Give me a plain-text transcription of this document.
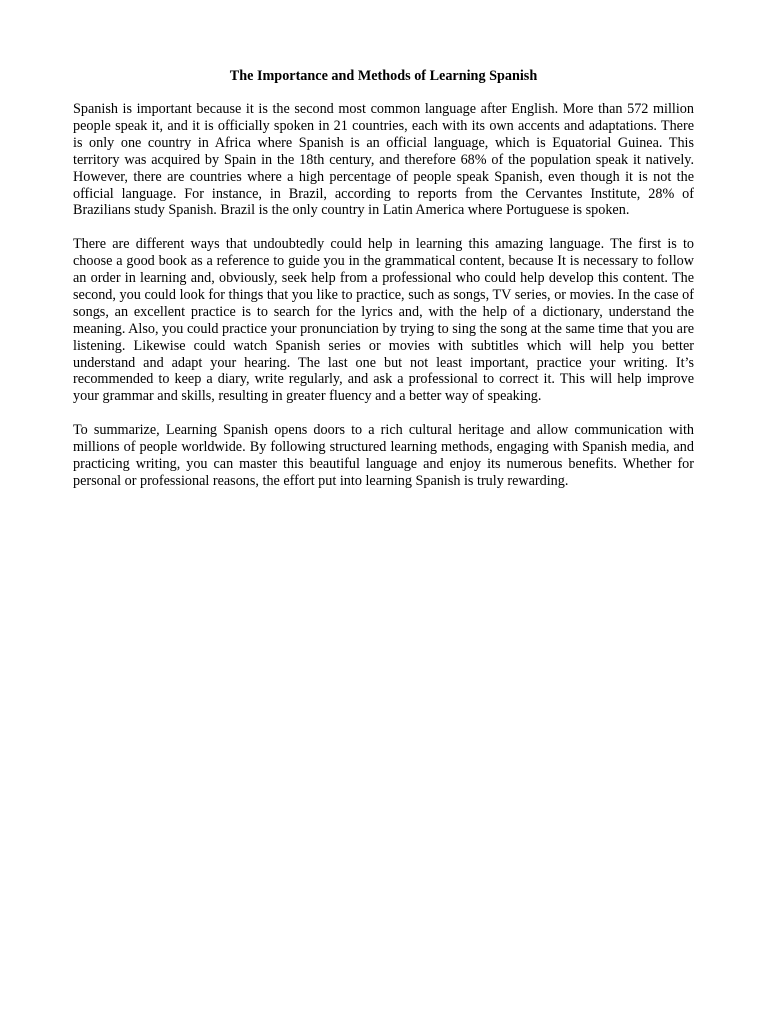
The Importance and Methods of Learning Spanish

Spanish is important because it is the second most common language after English. More than 572 million people speak it, and it is officially spoken in 21 countries, each with its own accents and adaptations. There is only one country in Africa where Spanish is an official language, which is Equatorial Guinea. This territory was acquired by Spain in the 18th century, and therefore 68% of the population speak it natively. However, there are countries where a high percentage of people speak Spanish, even though it is not the official language. For instance, in Brazil, according to reports from the Cervantes Institute, 28% of Brazilians study Spanish. Brazil is the only country in Latin America where Portuguese is spoken.

There are different ways that undoubtedly could help in learning this amazing language. The first is to choose a good book as a reference to guide you in the grammatical content, because It is necessary to follow an order in learning and, obviously, seek help from a professional who could help develop this content. The second, you could look for things that you like to practice, such as songs, TV series, or movies. In the case of songs, an excellent practice is to search for the lyrics and, with the help of a dictionary, understand the meaning. Also, you could practice your pronunciation by trying to sing the song at the same time that you are listening. Likewise could watch Spanish series or movies with subtitles which will help you better understand and adapt your hearing. The last one but not least important, practice your writing. It’s recommended to keep a diary, write regularly, and ask a professional to correct it. This will help improve your grammar and skills, resulting in greater fluency and a better way of speaking.

To summarize, Learning Spanish opens doors to a rich cultural heritage and allow communication with millions of people worldwide. By following structured learning methods, engaging with Spanish media, and practicing writing, you can master this beautiful language and enjoy its numerous benefits. Whether for personal or professional reasons, the effort put into learning Spanish is truly rewarding.
